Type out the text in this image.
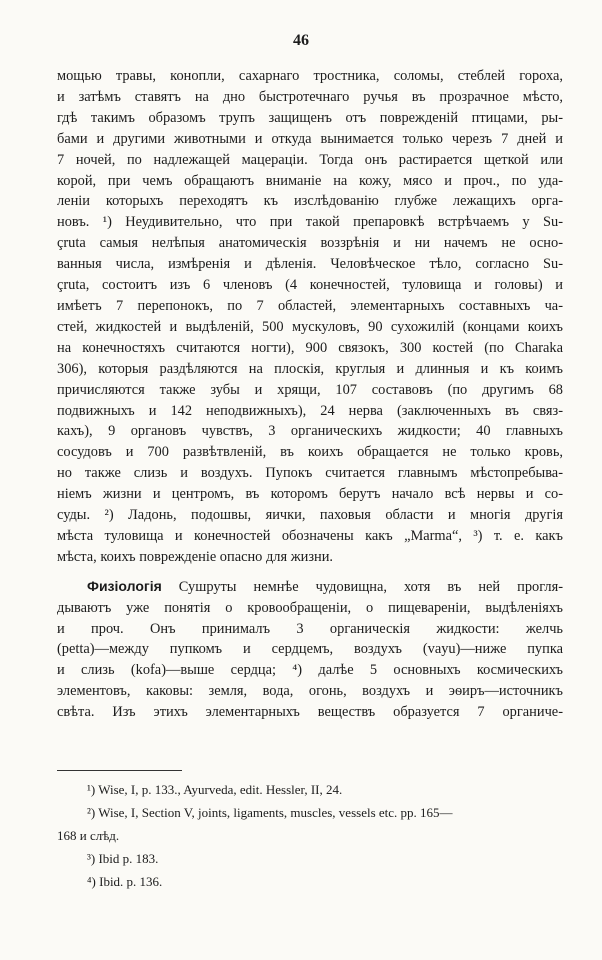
46
мощью травы, конопли, сахарнаго тростника, соломы, стеблей гороха,
и затѣмъ ставятъ на дно быстротечнаго ручья въ прозрачное мѣсто,
гдѣ такимъ образомъ трупъ защищенъ отъ поврежденій птицами, ры-
бами и другими животными и откуда вынимается только черезъ 7 дней и
7 ночей, по надлежащей мацераціи. Тогда онъ растирается щеткой или
корой, при чемъ обращаютъ вниманіе на кожу, мясо и проч., по уда-
леніи которыхъ переходятъ къ изслѣдованію глубже лежащихъ орга-
новъ. ¹) Неудивительно, что при такой препаровкѣ встрѣчаемъ у Su-
çruta самыя нелѣпыя анатомическія воззрѣнія и ни начемъ не осно-
ванныя числа, измѣренія и дѣленія. Человѣческое тѣло, согласно Su-
çruta, состоитъ изъ 6 членовъ (4 конечностей, туловища и головы) и
имѣетъ 7 перепонокъ, по 7 областей, элементарныхъ составныхъ ча-
стей, жидкостей и выдѣленій, 500 мускуловъ, 90 сухожилій (концами коихъ
на конечностяхъ считаются ногти), 900 связокъ, 300 костей (по Charaka
306), которыя раздѣляются на плоскія, круглыя и длинныя и къ коимъ
причисляются также зубы и хрящи, 107 составовъ (по другимъ 68
подвижныхъ и 142 неподвижныхъ), 24 нерва (заключенныхъ въ связ-
кахъ), 9 органовъ чувствъ, 3 органическихъ жидкости; 40 главныхъ
сосудовъ и 700 развѣтвленій, въ коихъ обращается не только кровь,
но также слизь и воздухъ. Пупокъ считается главнымъ мѣстопребыва-
ніемъ жизни и центромъ, въ которомъ берутъ начало всѣ нервы и со-
суды. ²) Ладонь, подошвы, яички, паховыя области и многія другія
мѣста туловища и конечностей обозначены какъ „Marma“, ³) т. е. какъ
мѣста, коихъ поврежденіе опасно для жизни.
Физіологія Сушруты немнѣе чудовищна, хотя въ ней прогля-
дываютъ уже понятія о кровообращеніи, о пищевареніи, выдѣленіяхъ
и проч. Онъ принималъ 3 органическія жидкости: желчь
(petta)—между пупкомъ и сердцемъ, воздухъ (vayu)—ниже пупка
и слизь (kofa)—выше сердца; ⁴) далѣе 5 основныхъ космическихъ
элементовъ, каковы: земля, вода, огонь, воздухъ и эѳиръ—источникъ
свѣта. Изъ этихъ элементарныхъ веществъ образуется 7 органиче-
¹) Wise, I, p. 133., Ayurveda, edit. Hessler, II, 24.
²) Wise, I, Section V, joints, ligaments, muscles, vessels etc. pp. 165—
168 и слѣд.
³) Ibid p. 183.
⁴) Ibid. p. 136.
